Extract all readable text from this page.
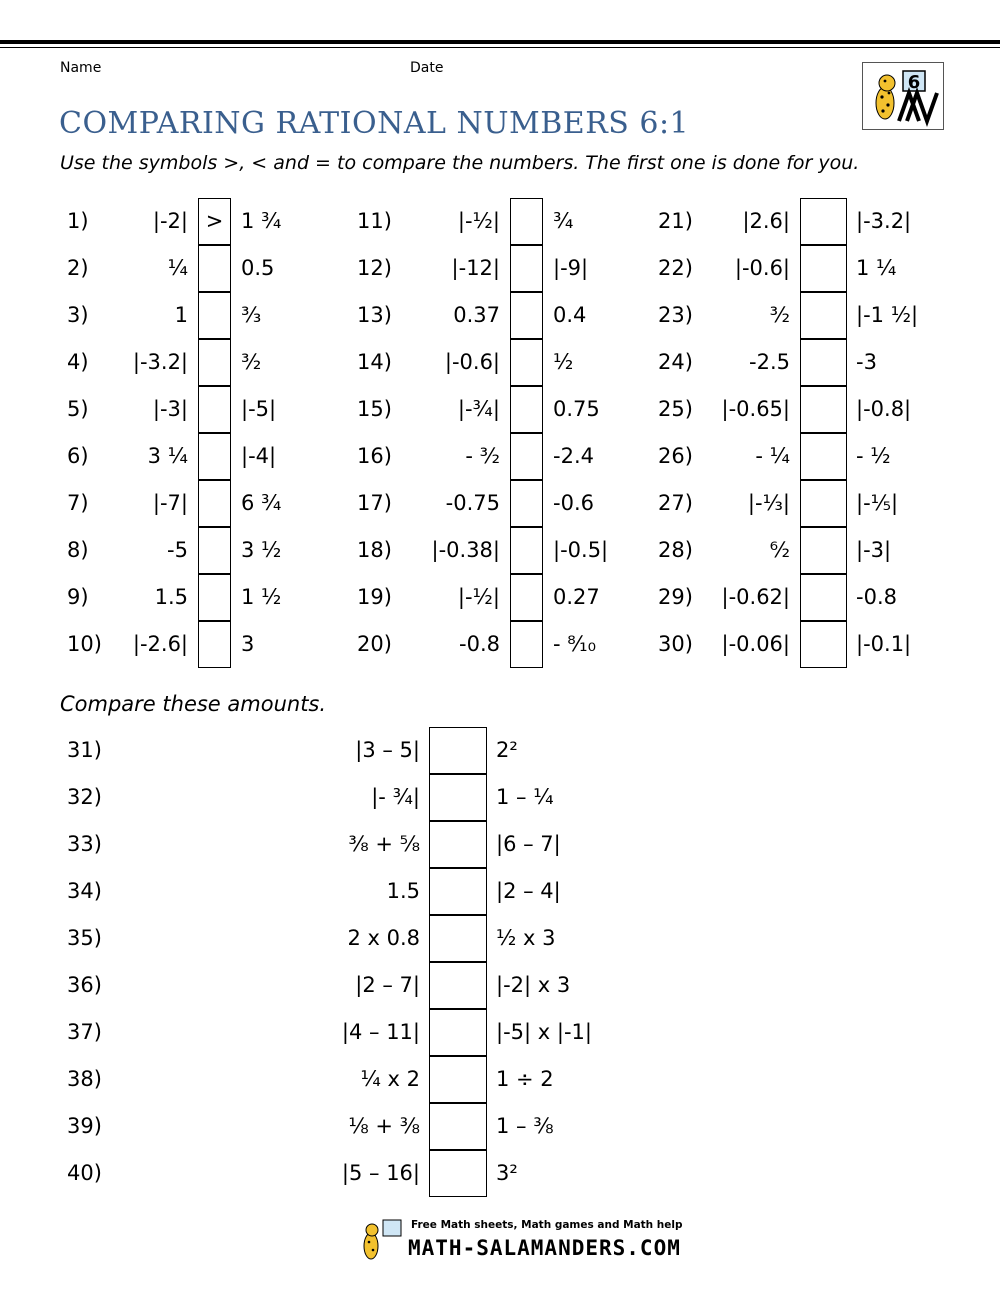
Name	Date
6
COMPARING RATIONAL NUMBERS 6:1
Use the symbols >, < and = to compare the numbers. The first one is done for you.
1)	|-2| > 1 ¾
2)	¼	0.5
3)	1	³⁄₃
4)	|-3.2|	³⁄₂
5)	|-3|	|-5|
6)	3 ¼	|-4|
7)	|-7|	6 ¾
8)	-5	3 ½
9)	1.5	1 ½
10)	|-2.6|	3
11)	|-½|	¾
12)	|-12|	|-9|
13)	0.37	0.4
14)	|-0.6|	½
15)	|-¾|	0.75
16)	- ³⁄₂	-2.4
17)	-0.75	-0.6
18)	|-0.38|	|-0.5|
19)	|-½|	0.27
20)	-0.8	- ⁸⁄₁₀
21)	|2.6|	|-3.2|
22)	|-0.6|	1 ¼
23)	³⁄₂	|-1 ½|
24)	-2.5	-3
25)	|-0.65|	|-0.8|
26)	- ¼	- ½
27)	|-¹⁄₃|	|-¹⁄₅|
28)	⁶⁄₂	|-3|
29)	|-0.62|	-0.8
30)	|-0.06|	|-0.1|
Compare these amounts.
31)	|3 – 5|	2²
32)	|- ¾|	1 – ¼
33)	³⁄₈ + ⁵⁄₈	|6 – 7|
34)	1.5	|2 – 4|
35)	2 x 0.8	½ x 3
36)	|2 – 7|	|-2| x 3
37)	|4 – 11|	|-5| x |-1|
38)	¼ x 2	1 ÷ 2
39)	⅛ + ⅜	1 – ⅜
40)	|5 – 16|	3²
Free Math sheets, Math games and Math help
MATH-SALAMANDERS.COM
